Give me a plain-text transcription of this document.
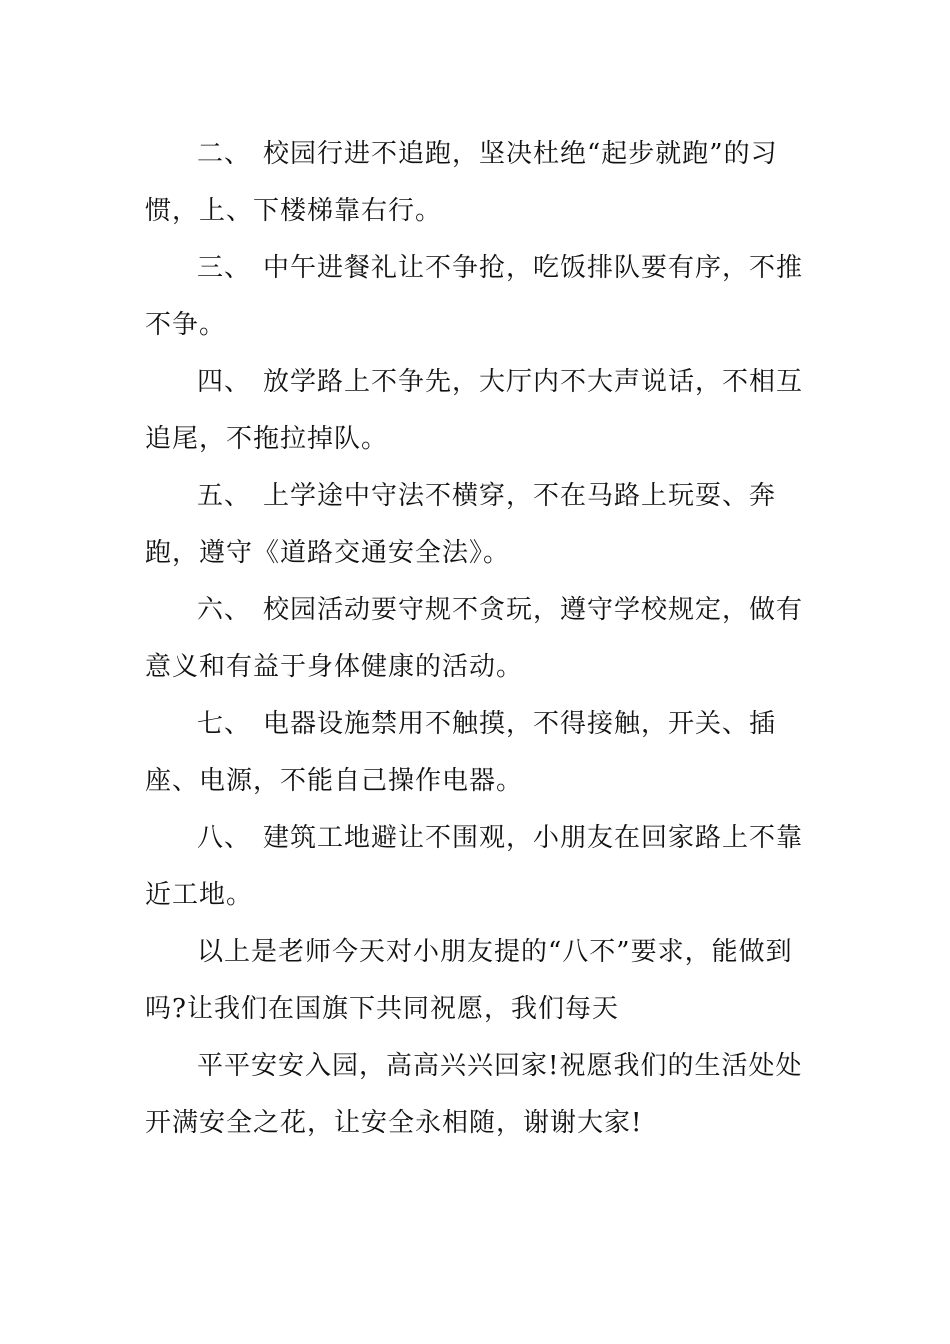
二、 校园行进不追跑，坚决杜绝“起步就跑”的习惯，上、下楼梯靠右行。

三、 中午进餐礼让不争抢，吃饭排队要有序，不推不争。

四、 放学路上不争先，大厅内不大声说话，不相互追尾，不拖拉掉队。

五、 上学途中守法不横穿，不在马路上玩耍、奔跑，遵守《道路交通安全法》。

六、 校园活动要守规不贪玩，遵守学校规定，做有意义和有益于身体健康的活动。

七、 电器设施禁用不触摸，不得接触，开关、插座、电源，不能自己操作电器。

八、 建筑工地避让不围观，小朋友在回家路上不靠近工地。

以上是老师今天对小朋友提的“八不”要求，能做到吗?让我们在国旗下共同祝愿，我们每天

平平安安入园，高高兴兴回家!祝愿我们的生活处处开满安全之花，让安全永相随，谢谢大家!
